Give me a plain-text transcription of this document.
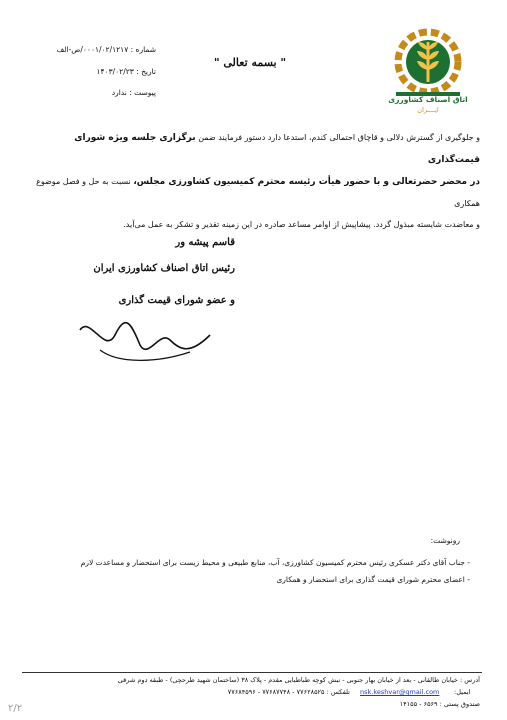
اتاق اصناف کشاورزی
ایــــران
" بسمه تعالی "
شماره : ۰۰۰۱/۰۲/۱۲۱۷/ص-الف
تاریخ : ۱۴۰۳/۰۲/۲۳
پیوست : ندارد
و جلوگیری از گسترش دلالی و قاچاق احتمالی کندم، استدعا دارد دستور فرمایند ضمن برگزاری جلسه ویژه شورای قیمت‌گذاری
در محضر حضرتعالی و با حضور هیأت رئیسه محترم کمیسیون کشاورزی مجلس، نسبت به حل و فصل موضوع همکاری
و معاضدت شایسته مبذول گردد. پیشاپیش از اوامر مساعد صادره در این زمینه تقدیر و تشکر به عمل می‌آید.
قاسم پیشه ور
رئیس اتاق اصناف کشاورزی ایران
و عضو شورای قیمت گذاری
رونوشت:
- جناب آقای دکتر عسکری رئیس محترم کمیسیون کشاورزی، آب، منابع طبیعی و محیط زیست برای استحضار و مساعدت لازم
- اعضای محترم شورای قیمت گذاری برای استحضار و همکاری
آدرس : خیابان طالقانی - بعد از خیابان بهار جنوبی - نبش کوچه طباطبایی مقدم - پلاک ۳۸ (ساختمان شهید طرحچی) - طبقه دوم شرقی
ایمیل:
nsk.keshvar@gmail.com
تلفکس : ۷۷۶۲۸۵۲۵ - ۷۷۶۸۷۷۴۸ - ۷۷۶۸۴۵۹۶
صندوق پستی : ۶۵۶۹ - ۱۴۱۵۵
۲/۲
